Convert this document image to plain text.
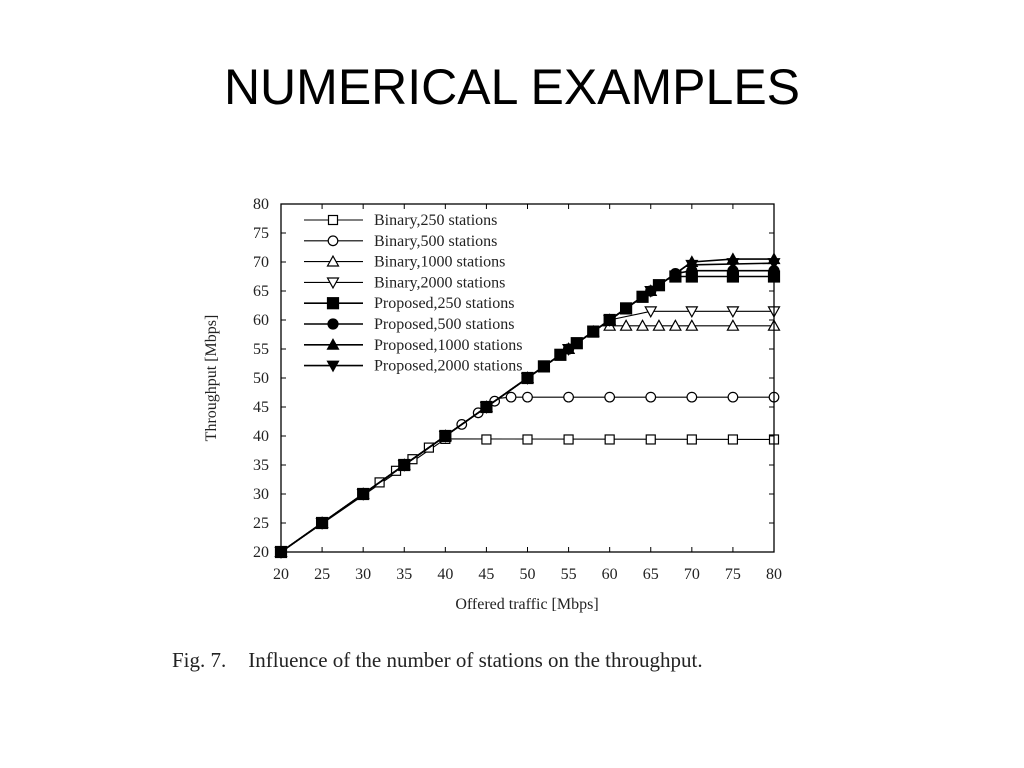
NUMERICAL EXAMPLES
20 25 30 35 40 45 50 55 60 65 70 75 80
20
25
30
35
40
45
50
55
60
65
70
75
80
Binary,250 stations
Binary,500 stations
Binary,1000 stations
Binary,2000 stations
Proposed,250 stations
Proposed,500 stations
Proposed,1000 stations
Proposed,2000 stations
Offered traffic [Mbps]
Throughput [Mbps]
Fig. 7. Influence of the number of stations on the throughput.
